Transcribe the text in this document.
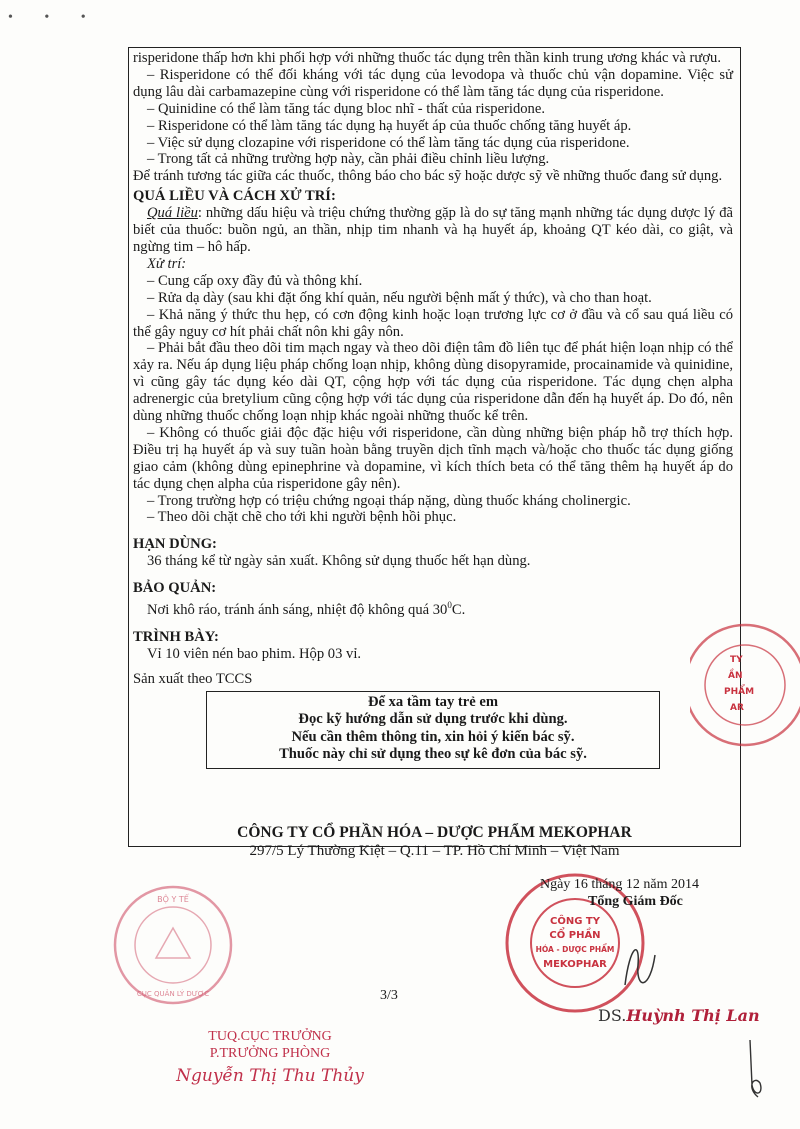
• • •

risperidone thấp hơn khi phối hợp với những thuốc tác dụng trên thần kinh trung ương khác và rượu.

– Risperidone có thể đối kháng với tác dụng của levodopa và thuốc chủ vận dopamine. Việc sử dụng lâu dài carbamazepine cùng với risperidone có thể làm tăng tác dụng của risperidone.

– Quinidine có thể làm tăng tác dụng bloc nhĩ - thất của risperidone.

– Risperidone có thể làm tăng tác dụng hạ huyết áp của thuốc chống tăng huyết áp.

– Việc sử dụng clozapine với risperidone có thể làm tăng tác dụng của risperidone.

– Trong tất cả những trường hợp này, cần phải điều chỉnh liều lượng.

Để tránh tương tác giữa các thuốc, thông báo cho bác sỹ hoặc dược sỹ về những thuốc đang sử dụng.

QUÁ LIỀU VÀ CÁCH XỬ TRÍ:

Quá liều: những dấu hiệu và triệu chứng thường gặp là do sự tăng mạnh những tác dụng dược lý đã biết của thuốc: buồn ngủ, an thần, nhịp tim nhanh và hạ huyết áp, khoảng QT kéo dài, co giật, và ngừng tim – hô hấp.

Xử trí:

– Cung cấp oxy đầy đủ và thông khí.

– Rửa dạ dày (sau khi đặt ống khí quản, nếu người bệnh mất ý thức), và cho than hoạt.

– Khả năng ý thức thu hẹp, có cơn động kinh hoặc loạn trương lực cơ ở đầu và cổ sau quá liều có thể gây nguy cơ hít phải chất nôn khi gây nôn.

– Phải bắt đầu theo dõi tim mạch ngay và theo dõi điện tâm đồ liên tục để phát hiện loạn nhịp có thể xảy ra. Nếu áp dụng liệu pháp chống loạn nhịp, không dùng disopyramide, procainamide và quinidine, vì cũng gây tác dụng kéo dài QT, cộng hợp với tác dụng của risperidone. Tác dụng chẹn alpha adrenergic của bretylium cũng cộng hợp với tác dụng của risperidone dẫn đến hạ huyết áp. Do đó, nên dùng những thuốc chống loạn nhịp khác ngoài những thuốc kể trên.

– Không có thuốc giải độc đặc hiệu với risperidone, cần dùng những biện pháp hỗ trợ thích hợp. Điều trị hạ huyết áp và suy tuần hoàn bằng truyền dịch tĩnh mạch và/hoặc cho thuốc tác dụng giống giao cảm (không dùng epinephrine và dopamine, vì kích thích beta có thể tăng thêm hạ huyết áp do tác dụng chẹn alpha của risperidone gây nên).

– Trong trường hợp có triệu chứng ngoại tháp nặng, dùng thuốc kháng cholinergic.

– Theo dõi chặt chẽ cho tới khi người bệnh hồi phục.

HẠN DÙNG:

36 tháng kể từ ngày sản xuất. Không sử dụng thuốc hết hạn dùng.

BẢO QUẢN:

Nơi khô ráo, tránh ánh sáng, nhiệt độ không quá $30^0C$.

TRÌNH BÀY:

Vỉ 10 viên nén bao phim. Hộp 03 vỉ.

Sản xuất theo TCCS

Để xa tầm tay trẻ em
Đọc kỹ hướng dẫn sử dụng trước khi dùng.
Nếu cần thêm thông tin, xin hỏi ý kiến bác sỹ.
Thuốc này chỉ sử dụng theo sự kê đơn của bác sỹ.
CÔNG TY CỔ PHẦN HÓA – DƯỢC PHẨM MEKOPHAR
297/5 Lý Thường Kiệt – Q.11 – TP. Hồ Chí Minh – Việt Nam
CÔNG TY
CỔ PHẦN
HÓA - DƯỢC PHẨM
MEKOPHAR
Ngày 16 tháng 12 năm 2014
Tổng Giám Đốc
3/3
DS.Huỳnh Thị Lan
BỘ Y TẾ
CỤC QUẢN LÝ DƯỢC
TUQ.CỤC TRƯỞNG
P.TRƯỞNG PHÒNG
Nguyễn Thị Thu Thủy
TY
ẦN
PHẨM
AR
